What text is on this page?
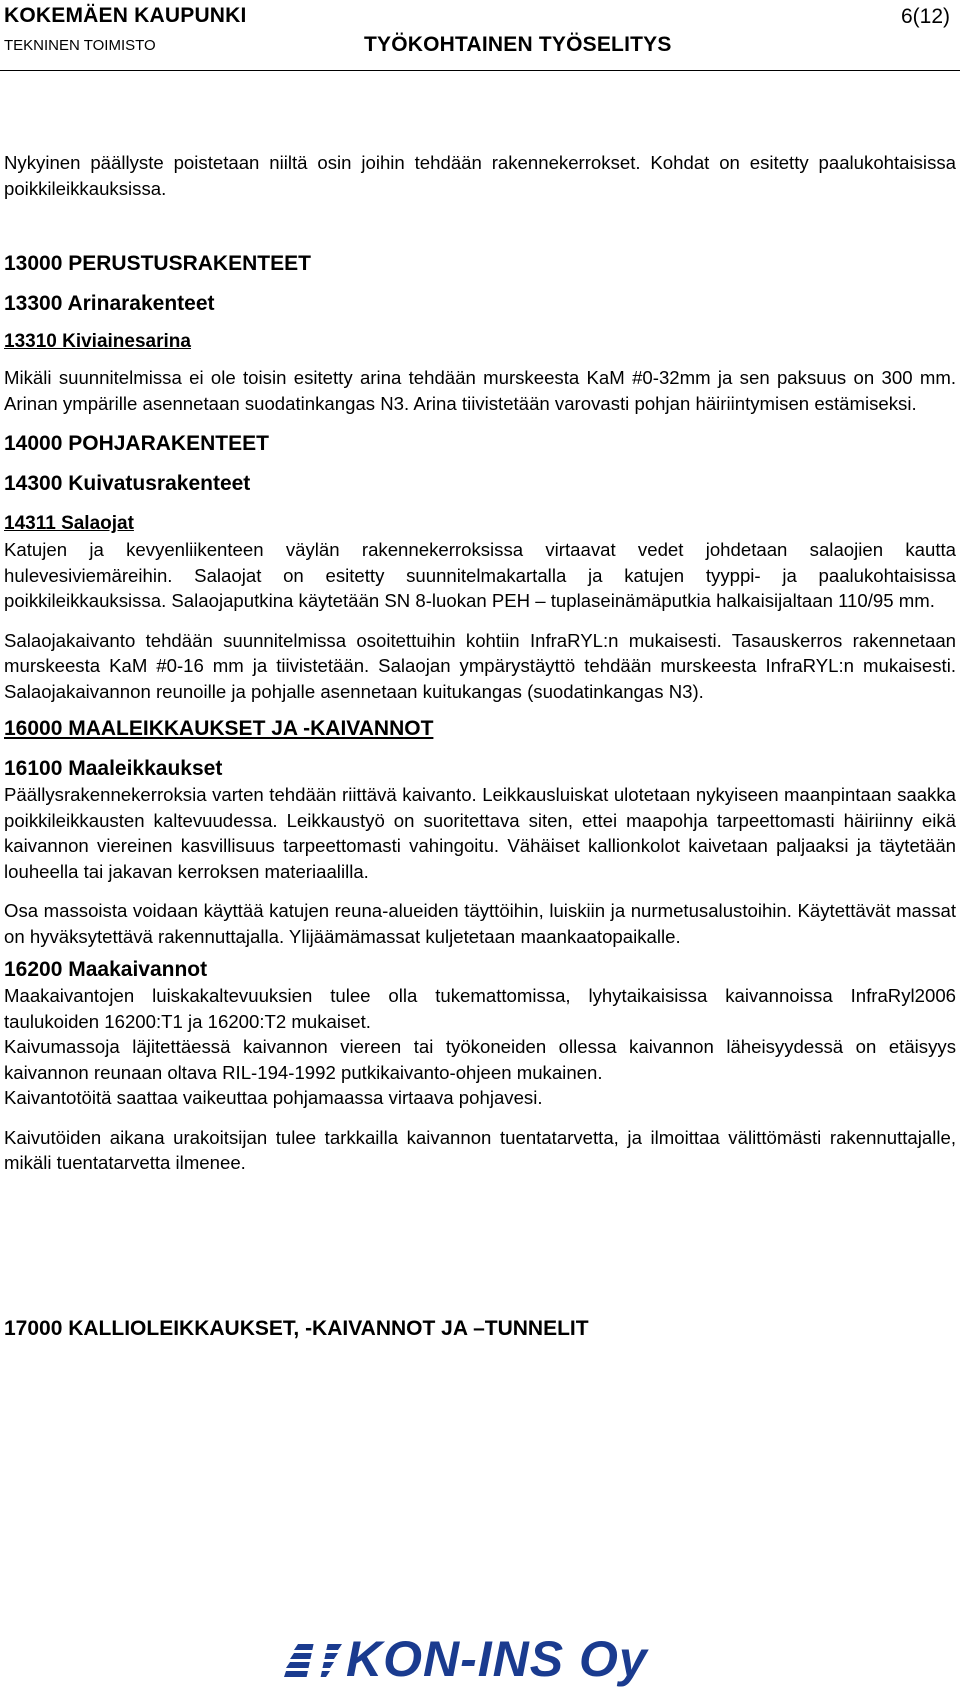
KOKEMÄEN KAUPUNKI	6(12)
TEKNINEN TOIMISTO	TYÖKOHTAINEN TYÖSELITYS

Nykyinen päällyste poistetaan niiltä osin joihin tehdään rakennekerrokset. Kohdat on esitetty paalukohtaisissa poikkileikkauksissa.

13000 PERUSTUSRAKENTEET
13300 Arinarakenteet
13310 Kiviainesarina

Mikäli suunnitelmissa ei ole toisin esitetty arina tehdään murskeesta KaM #0-32mm ja sen paksuus on 300 mm. Arinan ympärille asennetaan suodatinkangas N3. Arina tiivistetään varovasti pohjan häiriintymisen estämiseksi.

14000 POHJARAKENTEET
14300 Kuivatusrakenteet
14311 Salaojat

Katujen ja kevyenliikenteen väylän rakennekerroksissa virtaavat vedet johdetaan salaojien kautta hulevesiviemäreihin. Salaojat on esitetty suunnitelmakartalla ja katujen tyyppi- ja paalukohtaisissa poikkileikkauksissa. Salaojaputkina käytetään SN 8-luokan PEH – tuplaseinämäputkia halkaisijaltaan 110/95 mm.

Salaojakaivanto tehdään suunnitelmissa osoitettuihin kohtiin InfraRYL:n mukaisesti. Tasauskerros rakennetaan murskeesta KaM #0-16 mm ja tiivistetään. Salaojan ympärystäyttö tehdään murskeesta InfraRYL:n mukaisesti. Salaojakaivannon reunoille ja pohjalle asennetaan kuitukangas (suodatinkangas N3).

16000 MAALEIKKAUKSET JA -KAIVANNOT
16100 Maaleikkaukset

Päällysrakennekerroksia varten tehdään riittävä kaivanto. Leikkausluiskat ulotetaan nykyiseen maanpintaan saakka poikkileikkausten kaltevuudessa. Leikkaustyö on suoritettava siten, ettei maapohja tarpeettomasti häiriinny eikä kaivannon viereinen kasvillisuus tarpeettomasti vahingoitu. Vähäiset kallionkolot kaivetaan paljaaksi ja täytetään louheella tai jakavan kerroksen materiaalilla.

Osa massoista voidaan käyttää katujen reuna-alueiden täyttöihin, luiskiin ja nurmetusalustoihin. Käytettävät massat on hyväksytettävä rakennuttajalla. Ylijäämämassat kuljetetaan maankaatopaikalle.

16200 Maakaivannot

Maakaivantojen luiskakaltevuuksien tulee olla tukemattomissa, lyhytaikaisissa kaivannoissa InfraRyl2006 taulukoiden 16200:T1 ja 16200:T2 mukaiset.

Kaivumassoja läjitettäessä kaivannon viereen tai työkoneiden ollessa kaivannon läheisyydessä on etäisyys kaivannon reunaan oltava RIL-194-1992 putkikaivanto-ohjeen mukainen.

Kaivantotöitä saattaa vaikeuttaa pohjamaassa virtaava pohjavesi.

Kaivutöiden aikana urakoitsijan tulee tarkkailla kaivannon tuentatarvetta, ja ilmoittaa välittömästi rakennuttajalle, mikäli tuentatarvetta ilmenee.

17000 KALLIOLEIKKAUKSET, -KAIVANNOT JA –TUNNELIT
KON-INS Oy
